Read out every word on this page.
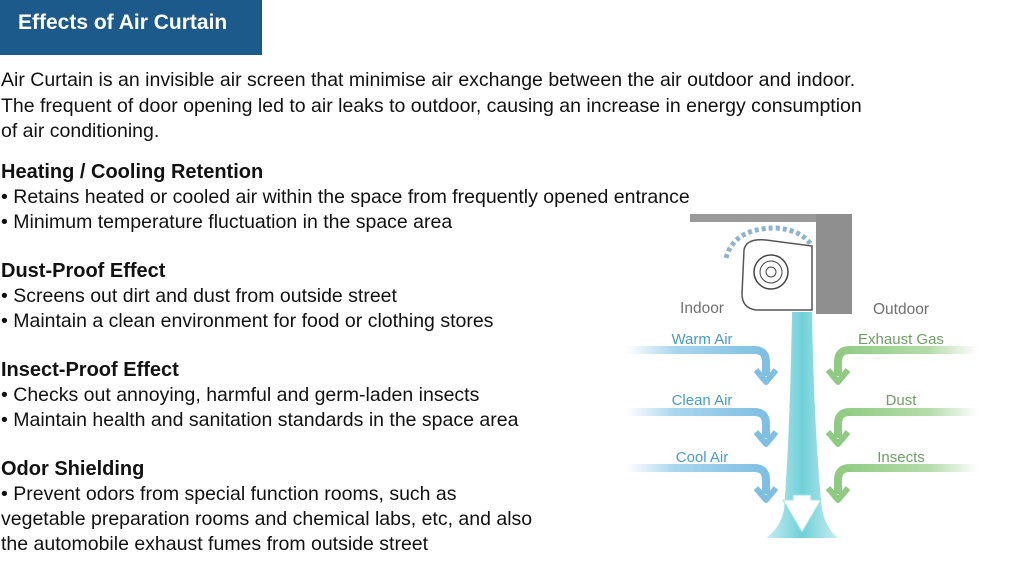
Effects of Air Curtain

Air Curtain is an invisible air screen that minimise air exchange between the air outdoor and indoor.

The frequent of door opening led to air leaks to outdoor, causing an increase in energy consumption

of air conditioning.

Heating / Cooling Retention
• Retains heated or cooled air within the space from frequently opened entrance
• Minimum temperature fluctuation in the space area
Dust-Proof Effect
• Screens out dirt and dust from outside street
• Maintain a clean environment for food or clothing stores
Insect-Proof Effect
• Checks out annoying, harmful and germ-laden insects
• Maintain health and sanitation standards in the space area
Odor Shielding
• Prevent odors from special function rooms, such as
vegetable preparation rooms and chemical labs, etc, and also
the automobile exhaust fumes from outside street
Indoor	Outdoor
Warm Air
Clean Air
Cool Air
Exhaust Gas
Dust
Insects
